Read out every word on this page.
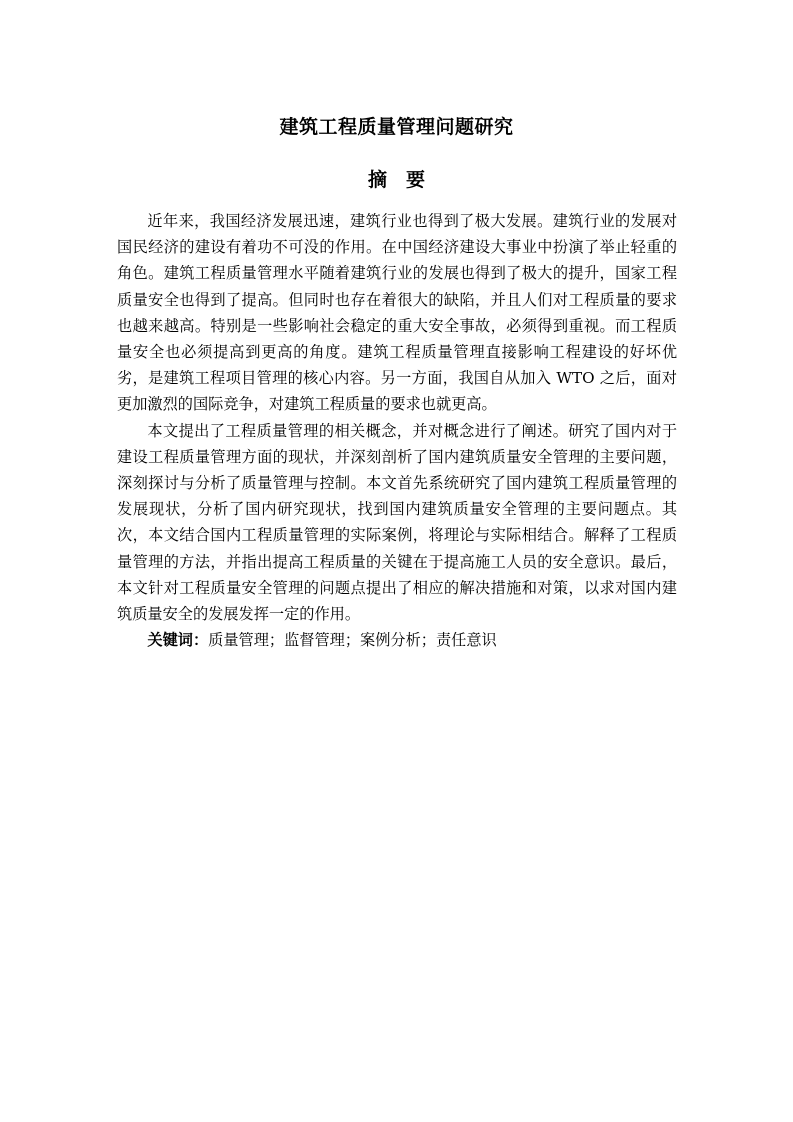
建筑工程质量管理问题研究
摘　要

近年来，我国经济发展迅速，建筑行业也得到了极大发展。建筑行业的发展对国民经济的建设有着功不可没的作用。在中国经济建设大事业中扮演了举止轻重的角色。建筑工程质量管理水平随着建筑行业的发展也得到了极大的提升，国家工程质量安全也得到了提高。但同时也存在着很大的缺陷，并且人们对工程质量的要求也越来越高。特别是一些影响社会稳定的重大安全事故，必须得到重视。而工程质量安全也必须提高到更高的角度。建筑工程质量管理直接影响工程建设的好坏优劣，是建筑工程项目管理的核心内容。另一方面，我国自从加入 WTO 之后，面对更加激烈的国际竞争，对建筑工程质量的要求也就更高。

本文提出了工程质量管理的相关概念，并对概念进行了阐述。研究了国内对于建设工程质量管理方面的现状，并深刻剖析了国内建筑质量安全管理的主要问题，深刻探讨与分析了质量管理与控制。本文首先系统研究了国内建筑工程质量管理的发展现状，分析了国内研究现状，找到国内建筑质量安全管理的主要问题点。其次，本文结合国内工程质量管理的实际案例，将理论与实际相结合。解释了工程质量管理的方法，并指出提高工程质量的关键在于提高施工人员的安全意识。最后，本文针对工程质量安全管理的问题点提出了相应的解决措施和对策，以求对国内建筑质量安全的发展发挥一定的作用。

关键词：质量管理；监督管理；案例分析；责任意识
